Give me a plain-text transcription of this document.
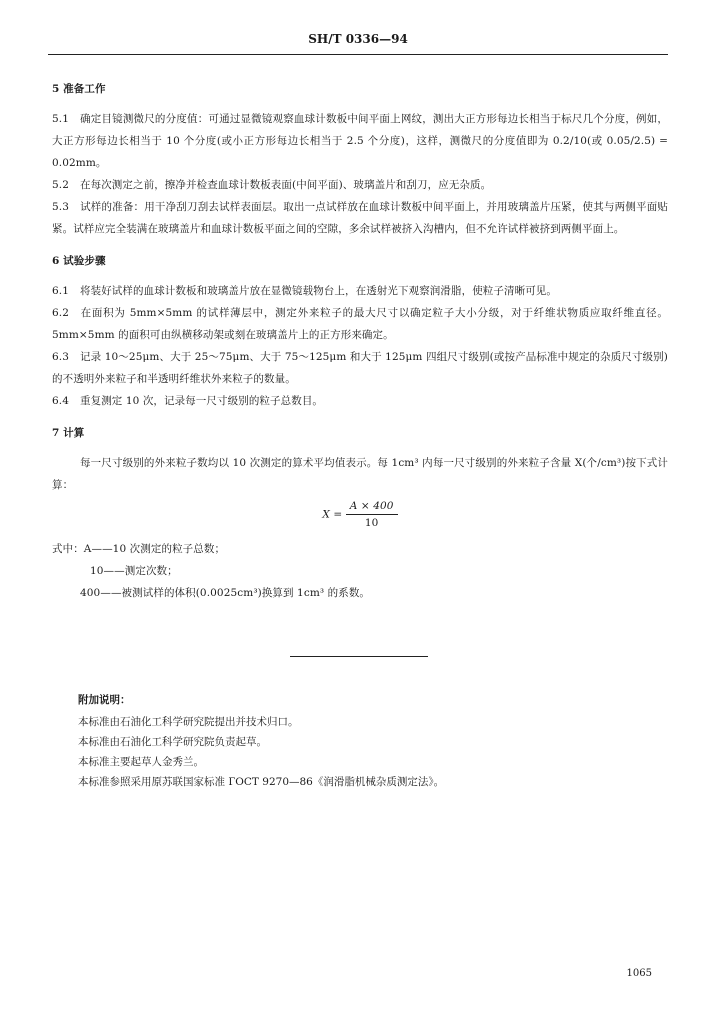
SH/T 0336—94
5 准备工作

5.1 确定目镜测微尺的分度值：可通过显微镜观察血球计数板中间平面上网纹，测出大正方形每边长相当于标尺几个分度，例如，大正方形每边长相当于 10 个分度(或小正方形每边长相当于 2.5 个分度)，这样，测微尺的分度值即为 0.2/10(或 0.05/2.5) = 0.02mm。

5.2 在每次测定之前，擦净并检查血球计数板表面(中间平面)、玻璃盖片和刮刀，应无杂质。

5.3 试样的准备：用干净刮刀刮去试样表面层。取出一点试样放在血球计数板中间平面上，并用玻璃盖片压紧，使其与两侧平面贴紧。试样应完全装满在玻璃盖片和血球计数板平面之间的空隙，多余试样被挤入沟槽内，但不允许试样被挤到两侧平面上。

6 试验步骤

6.1 将装好试样的血球计数板和玻璃盖片放在显微镜载物台上，在透射光下观察润滑脂，使粒子清晰可见。

6.2 在面积为 5mm×5mm 的试样薄层中，测定外来粒子的最大尺寸以确定粒子大小分级，对于纤维状物质应取纤维直径。5mm×5mm 的面积可由纵横移动架或刻在玻璃盖片上的正方形来确定。

6.3 记录 10～25μm、大于 25～75μm、大于 75～125μm 和大于 125μm 四组尺寸级别(或按产品标准中规定的杂质尺寸级别)的不透明外来粒子和半透明纤维状外来粒子的数量。

6.4 重复测定 10 次，记录每一尺寸级别的粒子总数目。

7 计算

每一尺寸级别的外来粒子数均以 10 次测定的算术平均值表示。每 1cm³ 内每一尺寸级别的外来粒子含量 X(个/cm³)按下式计算：

$X = \frac{A \times 400}{10}$
式中：A——10 次测定的粒子总数；
10——测定次数；
400——被测试样的体积(0.0025cm³)换算到 1cm³ 的系数。
附加说明：
本标准由石油化工科学研究院提出并技术归口。
本标准由石油化工科学研究院负责起草。
本标准主要起草人金秀兰。
本标准参照采用原苏联国家标准 ГОСТ 9270—86《润滑脂机械杂质测定法》。
1065
